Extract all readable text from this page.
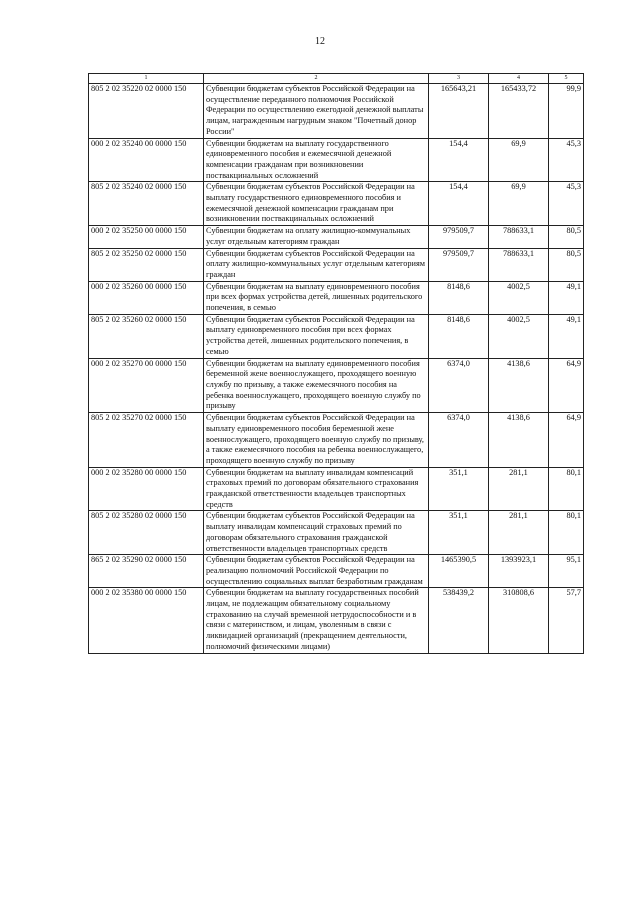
12
1	2	3	4	5
805 2 02 35220 02 0000 150	Субвенции бюджетам субъектов Российской Федерации на осуществление переданного полномочия Российской Федерации по осуществлению ежегодной денежной выплаты лицам, награжденным нагрудным знаком "Почетный донор России"	165643,21	165433,72	99,9
000 2 02 35240 00 0000 150	Субвенции бюджетам на выплату государственного единовременного пособия и ежемесячной денежной компенсации гражданам при возникновении поствакцинальных осложнений	154,4	69,9	45,3
805 2 02 35240 02 0000 150	Субвенции бюджетам субъектов Российской Федерации на выплату государственного единовременного пособия и ежемесячной денежной компенсации гражданам при возникновении поствакцинальных осложнений	154,4	69,9	45,3
000 2 02 35250 00 0000 150	Субвенции бюджетам на оплату жилищно-коммунальных услуг отдельным категориям граждан	979509,7	788633,1	80,5
805 2 02 35250 02 0000 150	Субвенции бюджетам субъектов Российской Федерации на оплату жилищно-коммунальных услуг отдельным категориям граждан	979509,7	788633,1	80,5
000 2 02 35260 00 0000 150	Субвенции бюджетам на выплату единовременного пособия при всех формах устройства детей, лишенных родительского попечения, в семью	8148,6	4002,5	49,1
805 2 02 35260 02 0000 150	Субвенции бюджетам субъектов Российской Федерации на выплату единовременного пособия при всех формах устройства детей, лишенных родительского попечения, в семью	8148,6	4002,5	49,1
000 2 02 35270 00 0000 150	Субвенции бюджетам на выплату единовременного пособия беременной жене военнослужащего, проходящего военную службу по призыву, а также ежемесячного пособия на ребенка военнослужащего, проходящего военную службу по призыву	6374,0	4138,6	64,9
805 2 02 35270 02 0000 150	Субвенции бюджетам субъектов Российской Федерации на выплату единовременного пособия беременной жене военнослужащего, проходящего военную службу по призыву, а также ежемесячного пособия на ребенка военнослужащего, проходящего военную службу по призыву	6374,0	4138,6	64,9
000 2 02 35280 00 0000 150	Субвенции бюджетам на выплату инвалидам компенсаций страховых премий по договорам обязательного страхования гражданской ответственности владельцев транспортных средств	351,1	281,1	80,1
805 2 02 35280 02 0000 150	Субвенции бюджетам субъектов Российской Федерации на выплату инвалидам компенсаций страховых премий по договорам обязательного страхования гражданской ответственности владельцев транспортных средств	351,1	281,1	80,1
865 2 02 35290 02 0000 150	Субвенции бюджетам субъектов Российской Федерации на реализацию полномочий Российской Федерации по осуществлению социальных выплат безработным гражданам	1465390,5	1393923,1	95,1
000 2 02 35380 00 0000 150	Субвенции бюджетам на выплату государственных пособий лицам, не подлежащим обязательному социальному страхованию на случай временной нетрудоспособности и в связи с материнством, и лицам, уволенным в связи с ликвидацией организаций (прекращением деятельности, полномочий физическими лицами)	538439,2	310808,6	57,7
